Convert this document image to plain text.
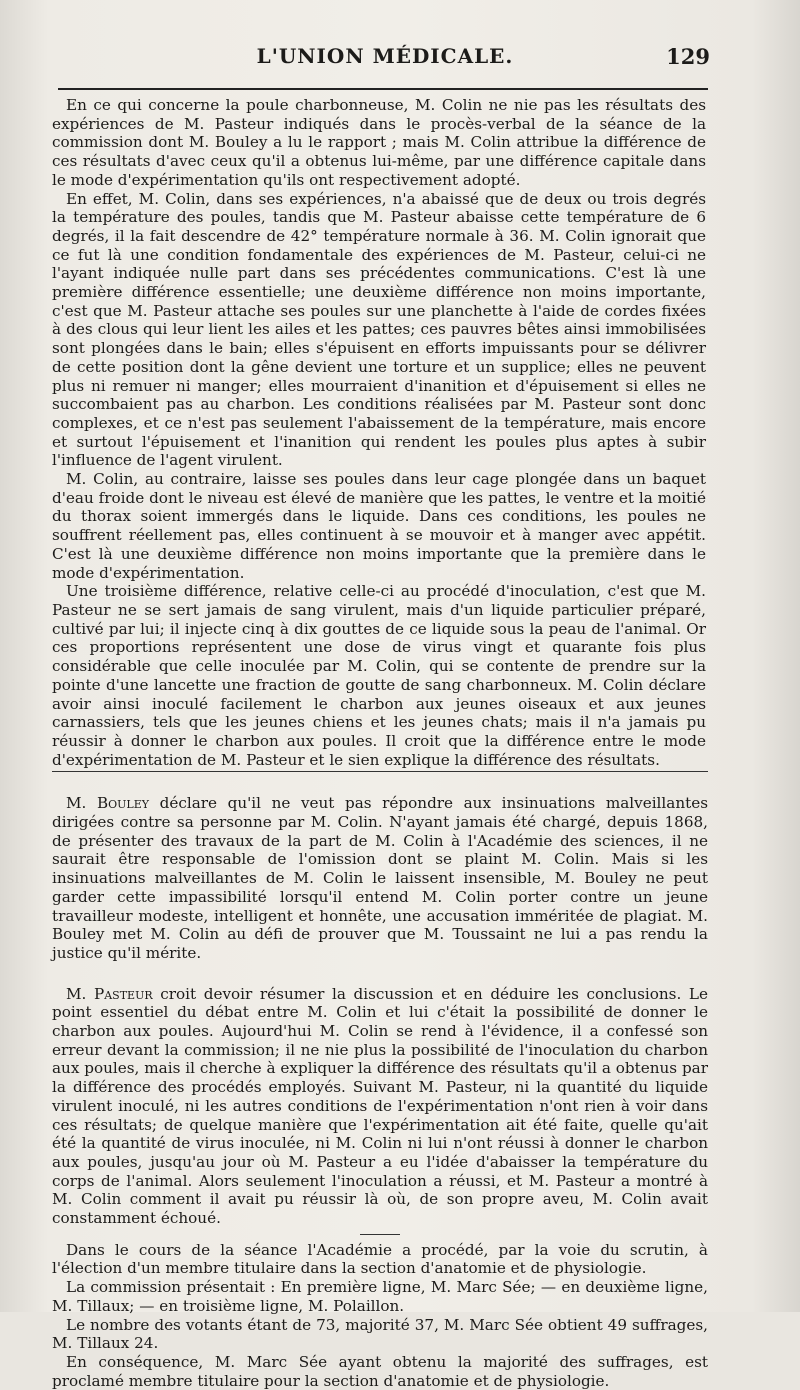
L'UNION MÉDICALE.	129

En ce qui concerne la poule charbonneuse, M. Colin ne nie pas les résultats des expériences de M. Pasteur indiqués dans le procès-verbal de la séance de la commission dont M. Bouley a lu le rapport ; mais M. Colin attribue la différence de ces résultats d'avec ceux qu'il a obtenus lui-même, par une différence capitale dans le mode d'expérimentation qu'ils ont respectivement adopté.

En effet, M. Colin, dans ses expériences, n'a abaissé que de deux ou trois degrés la température des poules, tandis que M. Pasteur abaisse cette température de 6 degrés, il la fait descendre de 42° température normale à 36. M. Colin ignorait que ce fut là une condition fondamentale des expériences de M. Pasteur, celui-ci ne l'ayant indiquée nulle part dans ses précédentes communications. C'est là une première différence essentielle; une deuxième différence non moins importante, c'est que M. Pasteur attache ses poules sur une planchette à l'aide de cordes fixées à des clous qui leur lient les ailes et les pattes; ces pauvres bêtes ainsi immobilisées sont plongées dans le bain; elles s'épuisent en efforts impuissants pour se délivrer de cette position dont la gêne devient une torture et un supplice; elles ne peuvent plus ni remuer ni manger; elles mourraient d'inanition et d'épuisement si elles ne succombaient pas au charbon. Les conditions réalisées par M. Pasteur sont donc complexes, et ce n'est pas seulement l'abaissement de la température, mais encore et surtout l'épuisement et l'inanition qui rendent les poules plus aptes à subir l'influence de l'agent virulent.

M. Colin, au contraire, laisse ses poules dans leur cage plongée dans un baquet d'eau froide dont le niveau est élevé de manière que les pattes, le ventre et la moitié du thorax soient immergés dans le liquide. Dans ces conditions, les poules ne souffrent réellement pas, elles continuent à se mouvoir et à manger avec appétit. C'est là une deuxième différence non moins importante que la première dans le mode d'expérimentation.

Une troisième différence, relative celle-ci au procédé d'inoculation, c'est que M. Pasteur ne se sert jamais de sang virulent, mais d'un liquide particulier préparé, cultivé par lui; il injecte cinq à dix gouttes de ce liquide sous la peau de l'animal. Or ces proportions représentent une dose de virus vingt et quarante fois plus considérable que celle inoculée par M. Colin, qui se contente de prendre sur la pointe d'une lancette une fraction de goutte de sang charbonneux. M. Colin déclare avoir ainsi inoculé facilement le charbon aux jeunes oiseaux et aux jeunes carnassiers, tels que les jeunes chiens et les jeunes chats; mais il n'a jamais pu réussir à donner le charbon aux poules. Il croit que la différence entre le mode d'expérimentation de M. Pasteur et le sien explique la différence des résultats.

M. Bouley déclare qu'il ne veut pas répondre aux insinuations malveillantes dirigées contre sa personne par M. Colin. N'ayant jamais été chargé, depuis 1868, de présenter des travaux de la part de M. Colin à l'Académie des sciences, il ne saurait être responsable de l'omission dont se plaint M. Colin. Mais si les insinuations malveillantes de M. Colin le laissent insensible, M. Bouley ne peut garder cette impassibilité lorsqu'il entend M. Colin porter contre un jeune travailleur modeste, intelligent et honnête, une accusation imméritée de plagiat. M. Bouley met M. Colin au défi de prouver que M. Toussaint ne lui a pas rendu la justice qu'il mérite.

M. Pasteur croit devoir résumer la discussion et en déduire les conclusions. Le point essentiel du débat entre M. Colin et lui c'était la possibilité de donner le charbon aux poules. Aujourd'hui M. Colin se rend à l'évidence, il a confessé son erreur devant la commission; il ne nie plus la possibilité de l'inoculation du charbon aux poules, mais il cherche à expliquer la différence des résultats qu'il a obtenus par la différence des procédés employés. Suivant M. Pasteur, ni la quantité du liquide virulent inoculé, ni les autres conditions de l'expérimentation n'ont rien à voir dans ces résultats; de quelque manière que l'expérimentation ait été faite, quelle qu'ait été la quantité de virus inoculée, ni M. Colin ni lui n'ont réussi à donner le charbon aux poules, jusqu'au jour où M. Pasteur a eu l'idée d'abaisser la température du corps de l'animal. Alors seulement l'inoculation a réussi, et M. Pasteur a montré à M. Colin comment il avait pu réussir là où, de son propre aveu, M. Colin avait constamment échoué.

Dans le cours de la séance l'Académie a procédé, par la voie du scrutin, à l'élection d'un membre titulaire dans la section d'anatomie et de physiologie.

La commission présentait : En première ligne, M. Marc Sée; — en deuxième ligne, M. Tillaux; — en troisième ligne, M. Polaillon.

Le nombre des votants étant de 73, majorité 37, M. Marc Sée obtient 49 suffrages, M. Tillaux 24.

En conséquence, M. Marc Sée ayant obtenu la majorité des suffrages, est proclamé membre titulaire pour la section d'anatomie et de physiologie.
